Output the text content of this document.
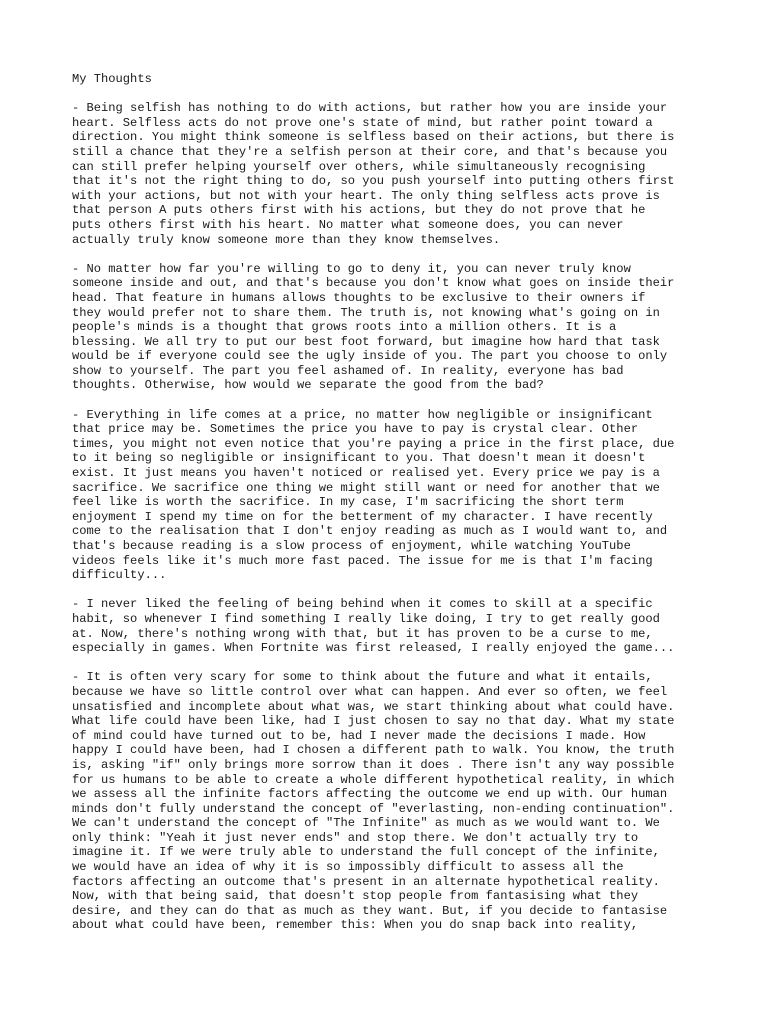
My Thoughts
- Being selfish has nothing to do with actions, but rather how you are inside your
heart. Selfless acts do not prove one's state of mind, but rather point toward a
direction. You might think someone is selfless based on their actions, but there is
still a chance that they're a selfish person at their core, and that's because you
can still prefer helping yourself over others, while simultaneously recognising
that it's not the right thing to do, so you push yourself into putting others first
with your actions, but not with your heart. The only thing selfless acts prove is
that person A puts others first with his actions, but they do not prove that he
puts others first with his heart. No matter what someone does, you can never
actually truly know someone more than they know themselves.
- No matter how far you're willing to go to deny it, you can never truly know
someone inside and out, and that's because you don't know what goes on inside their
head. That feature in humans allows thoughts to be exclusive to their owners if
they would prefer not to share them. The truth is, not knowing what's going on in
people's minds is a thought that grows roots into a million others. It is a
blessing. We all try to put our best foot forward, but imagine how hard that task
would be if everyone could see the ugly inside of you. The part you choose to only
show to yourself. The part you feel ashamed of. In reality, everyone has bad
thoughts. Otherwise, how would we separate the good from the bad?
- Everything in life comes at a price, no matter how negligible or insignificant
that price may be. Sometimes the price you have to pay is crystal clear. Other
times, you might not even notice that you're paying a price in the first place, due
to it being so negligible or insignificant to you. That doesn't mean it doesn't
exist. It just means you haven't noticed or realised yet. Every price we pay is a
sacrifice. We sacrifice one thing we might still want or need for another that we
feel like is worth the sacrifice. In my case, I'm sacrificing the short term
enjoyment I spend my time on for the betterment of my character. I have recently
come to the realisation that I don't enjoy reading as much as I would want to, and
that's because reading is a slow process of enjoyment, while watching YouTube
videos feels like it's much more fast paced. The issue for me is that I'm facing
difficulty...
- I never liked the feeling of being behind when it comes to skill at a specific
habit, so whenever I find something I really like doing, I try to get really good
at. Now, there's nothing wrong with that, but it has proven to be a curse to me,
especially in games. When Fortnite was first released, I really enjoyed the game...
- It is often very scary for some to think about the future and what it entails,
because we have so little control over what can happen. And ever so often, we feel
unsatisfied and incomplete about what was, we start thinking about what could have.
What life could have been like, had I just chosen to say no that day. What my state
of mind could have turned out to be, had I never made the decisions I made. How
happy I could have been, had I chosen a different path to walk. You know, the truth
is, asking "if" only brings more sorrow than it does . There isn't any way possible
for us humans to be able to create a whole different hypothetical reality, in which
we assess all the infinite factors affecting the outcome we end up with. Our human
minds don't fully understand the concept of "everlasting, non-ending continuation".
We can't understand the concept of "The Infinite" as much as we would want to. We
only think: "Yeah it just never ends" and stop there. We don't actually try to
imagine it. If we were truly able to understand the full concept of the infinite,
we would have an idea of why it is so impossibly difficult to assess all the
factors affecting an outcome that's present in an alternate hypothetical reality.
Now, with that being said, that doesn't stop people from fantasising what they
desire, and they can do that as much as they want. But, if you decide to fantasise
about what could have been, remember this: When you do snap back into reality,
